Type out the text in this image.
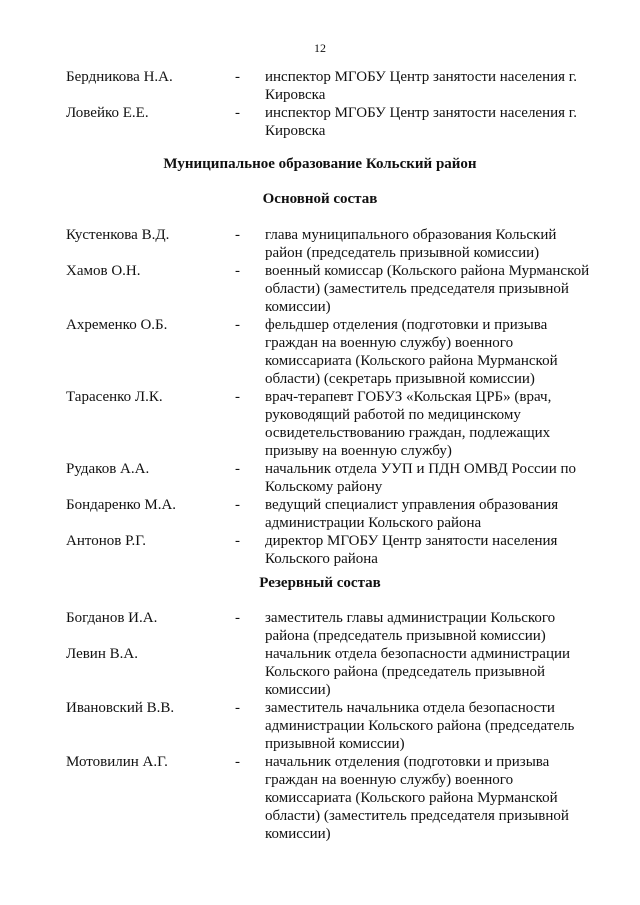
12
Бердникова Н.А.	- инспектор МГОБУ Центр занятости населения г. Кировска
Ловейко Е.Е.	- инспектор МГОБУ Центр занятости населения г. Кировска
Муниципальное образование Кольский район
Основной состав
Кустенкова В.Д.	- глава муниципального образования Кольский район (председатель призывной комиссии)
Хамов О.Н.	- военный комиссар (Кольского района Мурманской области) (заместитель председателя призывной комиссии)
Ахременко О.Б.	- фельдшер отделения (подготовки и призыва граждан на военную службу) военного комиссариата (Кольского района Мурманской области) (секретарь призывной комиссии)
Тарасенко Л.К.	- врач-терапевт ГОБУЗ «Кольская ЦРБ» (врач, руководящий работой по медицинскому освидетельствованию граждан, подлежащих призыву на военную службу)
Рудаков А.А.	- начальник отдела УУП и ПДН ОМВД России по Кольскому району
Бондаренко М.А.	- ведущий специалист управления образования администрации Кольского района
Антонов Р.Г.	- директор МГОБУ Центр занятости населения Кольского района
Резервный состав
Богданов И.А.	- заместитель главы администрации Кольского района (председатель призывной комиссии)
Левин В.А.	начальник отдела безопасности администрации Кольского района (председатель призывной комиссии)
Ивановский В.В.	- заместитель начальника отдела безопасности администрации Кольского района (председатель призывной комиссии)
Мотовилин А.Г.	- начальник отделения (подготовки и призыва граждан на военную службу) военного комиссариата (Кольского района Мурманской области) (заместитель председателя призывной комиссии)
